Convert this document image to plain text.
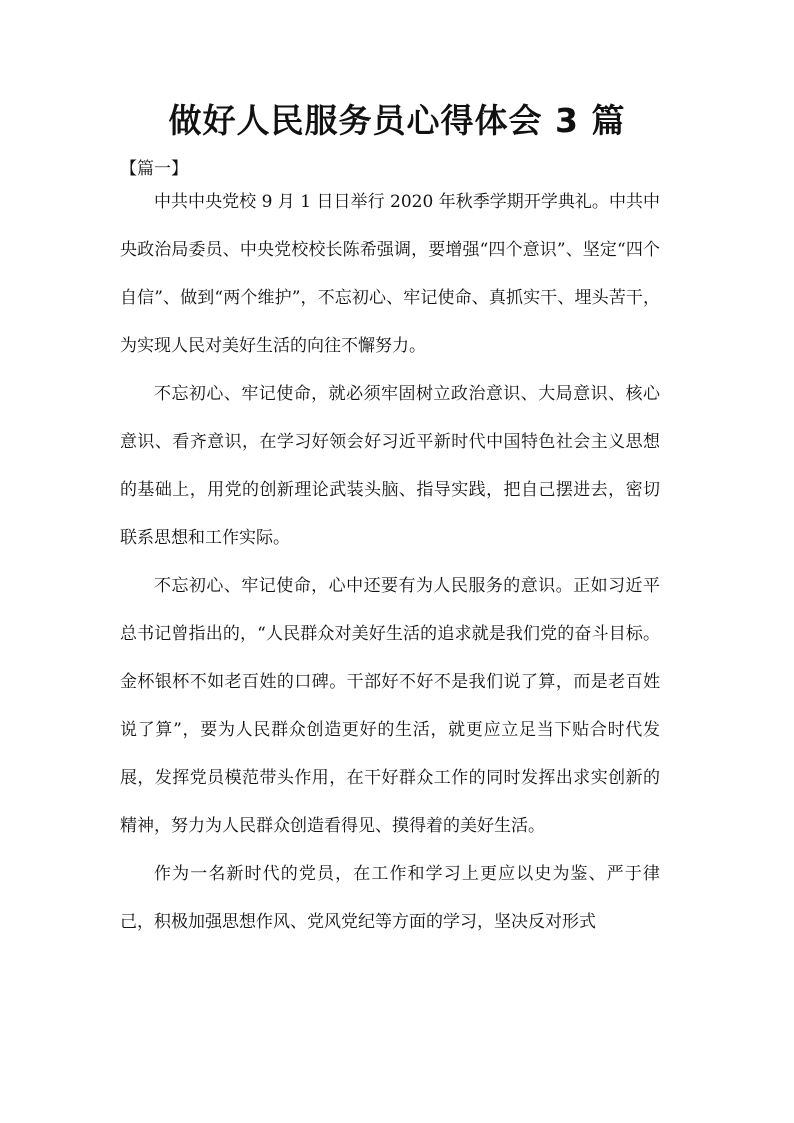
做好人民服务员心得体会 3 篇

【篇一】

中共中央党校 9 月 1 日日举行 2020 年秋季学期开学典礼。中共中央政治局委员、中央党校校长陈希强调，要增强“四个意识”、坚定“四个自信”、做到“两个维护”，不忘初心、牢记使命、真抓实干、埋头苦干，为实现人民对美好生活的向往不懈努力。

不忘初心、牢记使命，就必须牢固树立政治意识、大局意识、核心意识、看齐意识，在学习好领会好习近平新时代中国特色社会主义思想的基础上，用党的创新理论武装头脑、指导实践，把自己摆进去，密切联系思想和工作实际。

不忘初心、牢记使命，心中还要有为人民服务的意识。正如习近平总书记曾指出的，“人民群众对美好生活的追求就是我们党的奋斗目标。金杯银杯不如老百姓的口碑。干部好不好不是我们说了算，而是老百姓说了算”，要为人民群众创造更好的生活，就更应立足当下贴合时代发展，发挥党员模范带头作用，在干好群众工作的同时发挥出求实创新的精神，努力为人民群众创造看得见、摸得着的美好生活。

作为一名新时代的党员，在工作和学习上更应以史为鉴、严于律己，积极加强思想作风、党风党纪等方面的学习，坚决反对形式
